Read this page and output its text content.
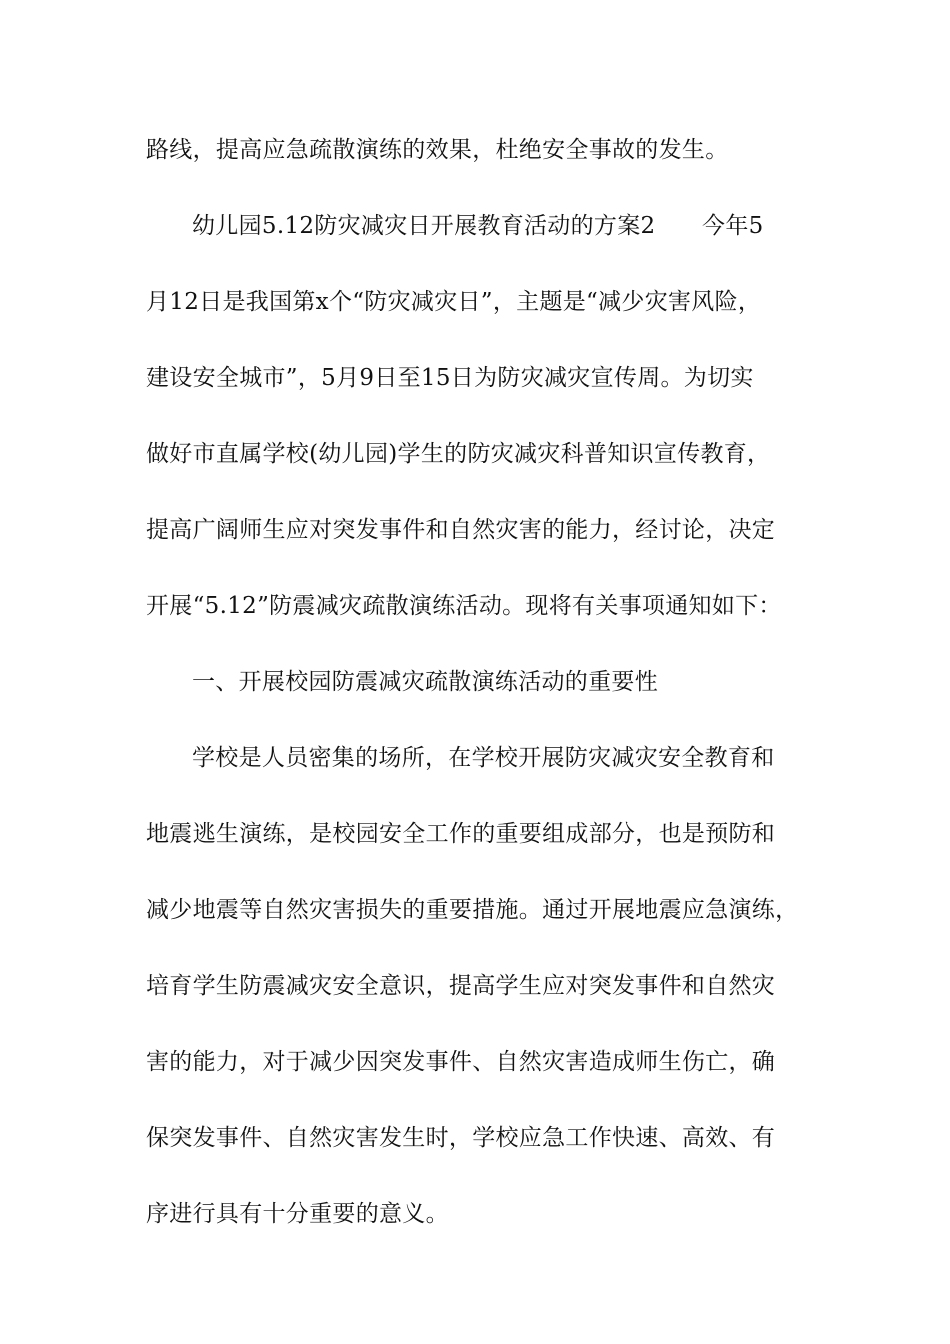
路线，提高应急疏散演练的效果，杜绝安全事故的发生。
幼儿园5.12防灾减灾日开展教育活动的方案2　　今年5
月12日是我国第x个“防灾减灾日”，主题是“减少灾害风险，
建设安全城市”，5月9日至15日为防灾减灾宣传周。为切实
做好市直属学校(幼儿园)学生的防灾减灾科普知识宣传教育，
提高广阔师生应对突发事件和自然灾害的能力，经讨论，决定
开展“5.12”防震减灾疏散演练活动。现将有关事项通知如下：
一、开展校园防震减灾疏散演练活动的重要性
学校是人员密集的场所，在学校开展防灾减灾安全教育和
地震逃生演练，是校园安全工作的重要组成部分，也是预防和
减少地震等自然灾害损失的重要措施。通过开展地震应急演练，
培育学生防震减灾安全意识，提高学生应对突发事件和自然灾
害的能力，对于减少因突发事件、自然灾害造成师生伤亡，确
保突发事件、自然灾害发生时，学校应急工作快速、高效、有
序进行具有十分重要的意义。
